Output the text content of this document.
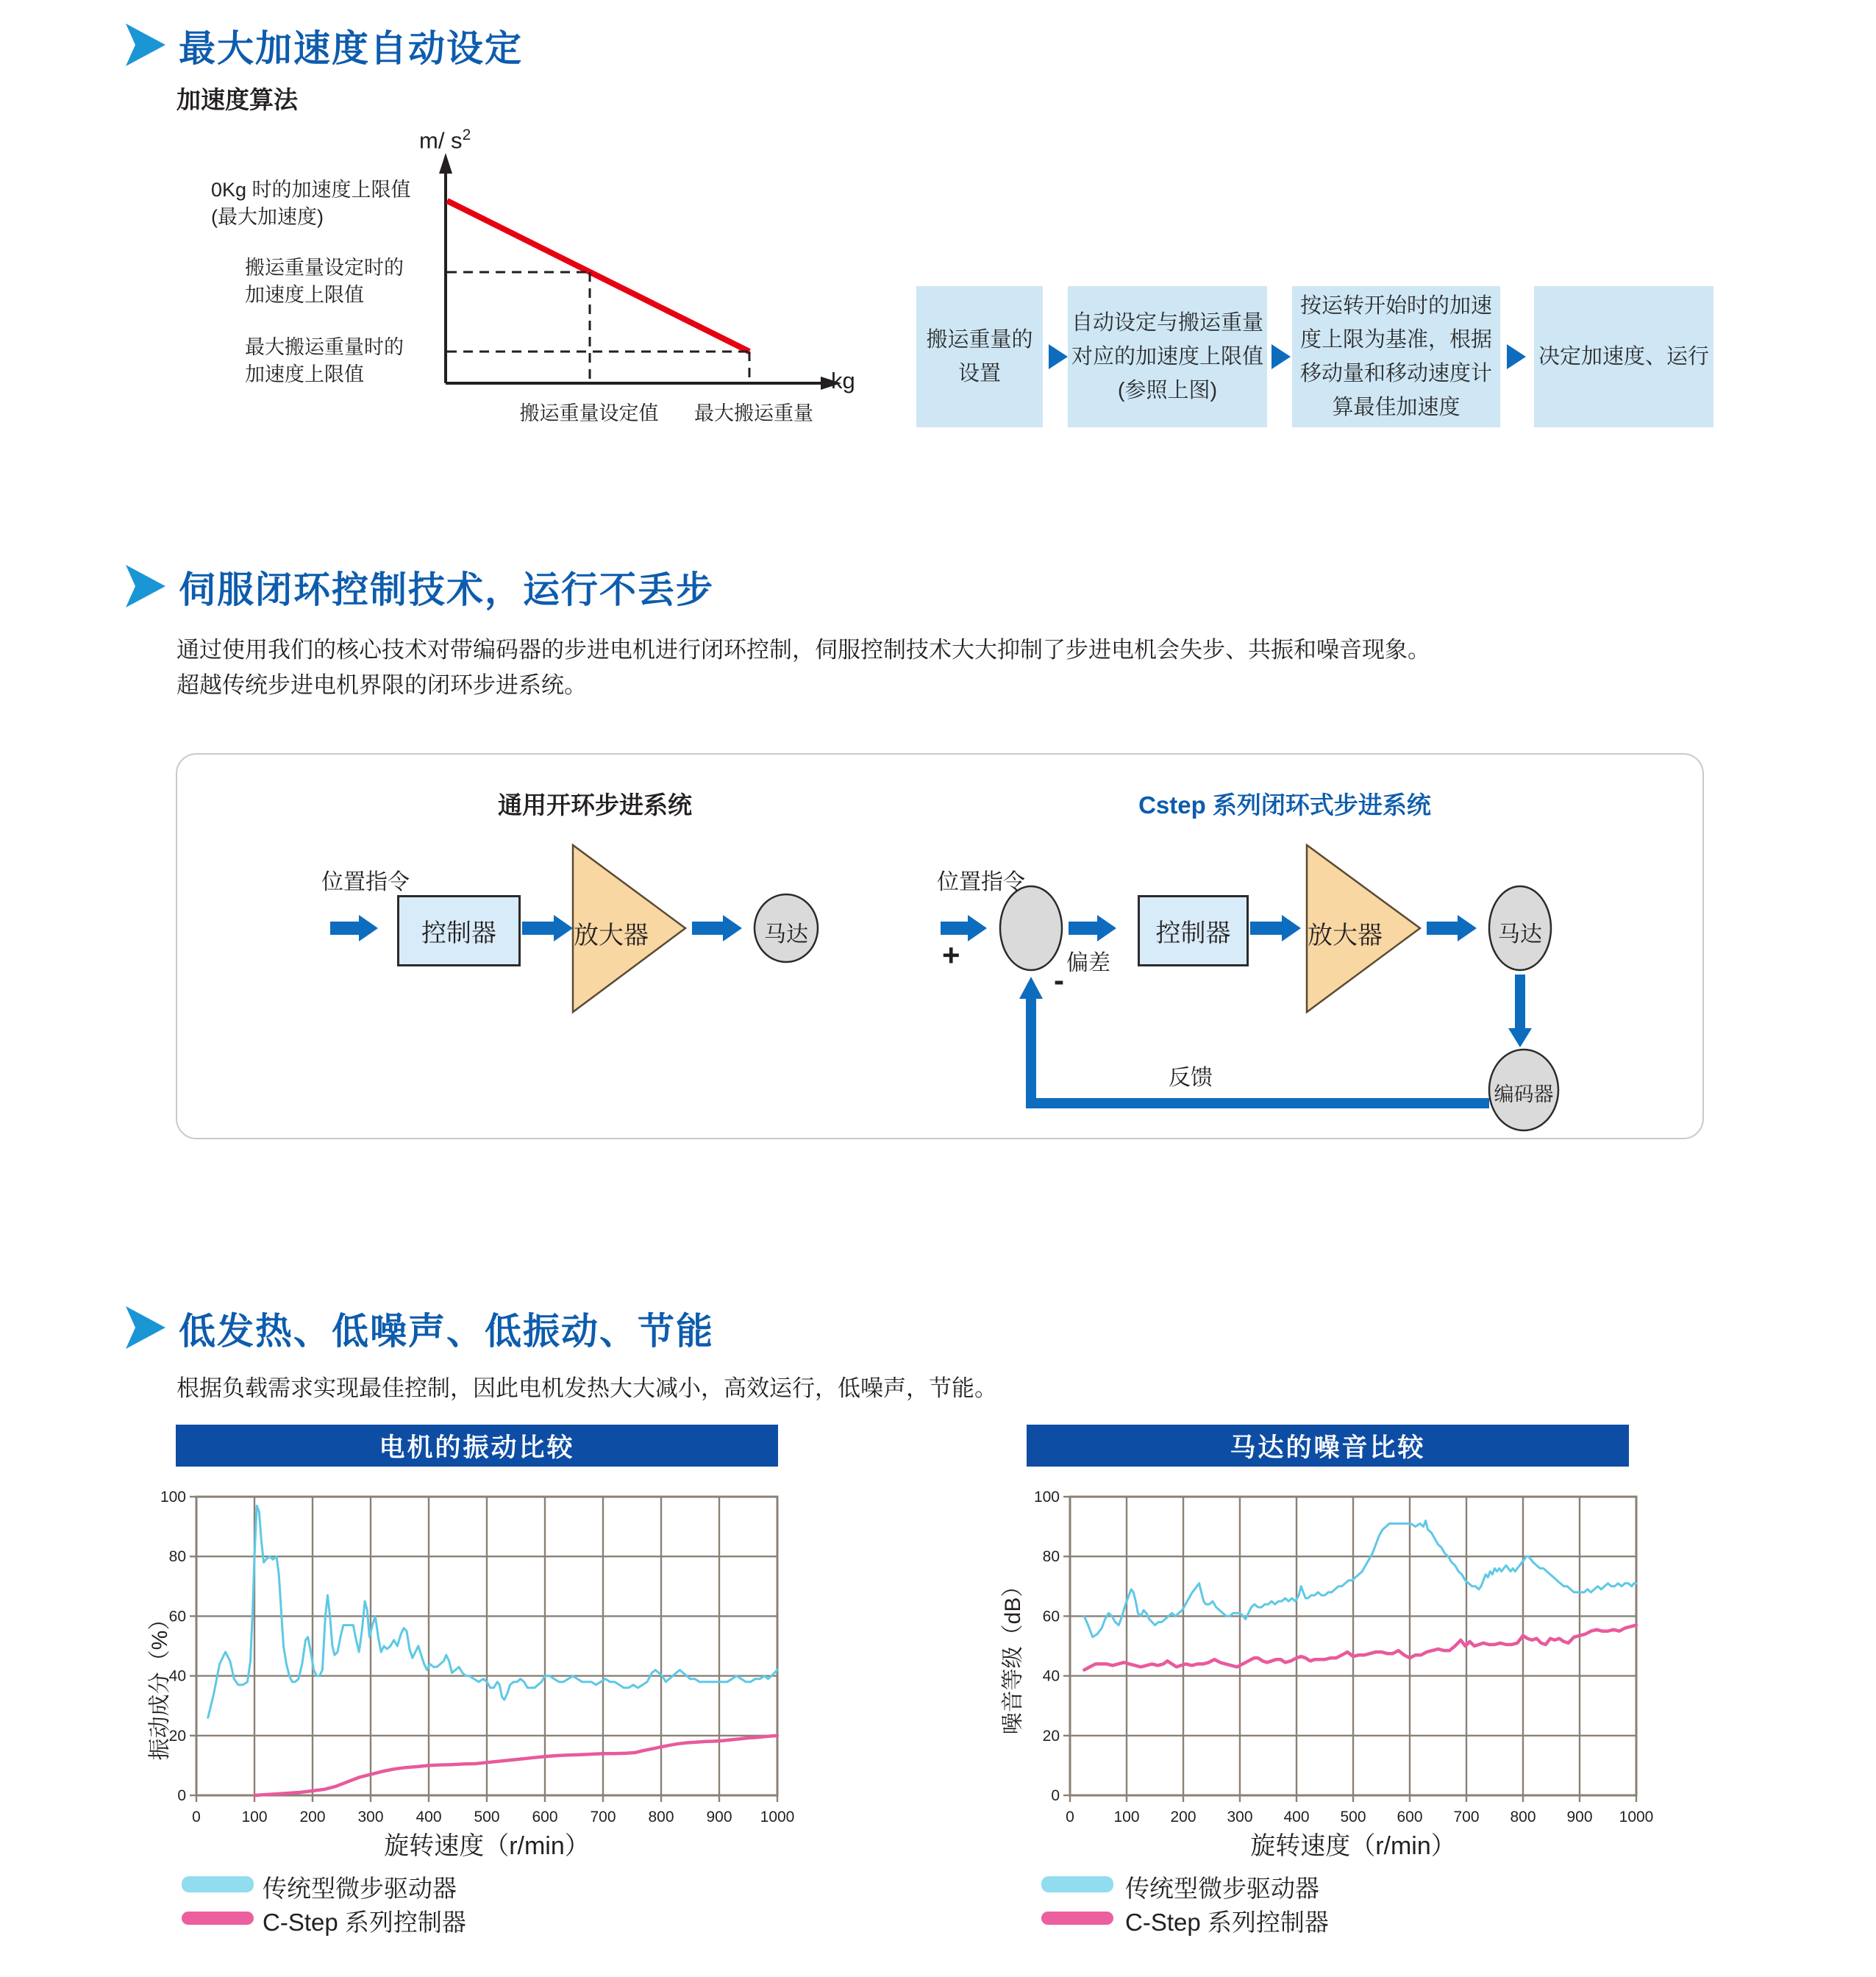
最大加速度自动设定
加速度算法
m/ $s^2$
kg
0Kg 时的加速度上限值
(最大加速度)
搬运重量设定时的
加速度上限值
最大搬运重量时的
加速度上限值
搬运重量设定值	最大搬运重量
搬运重量的设置
自动设定与搬运重量对应的加速度上限值(参照上图)
按运转开始时的加速度上限为基准，根据移动量和移动速度计算最佳加速度
决定加速度、运行
伺服闭环控制技术，运行不丢步
通过使用我们的核心技术对带编码器的步进电机进行闭环控制，伺服控制技术大大抑制了步进电机会失步、共振和噪音现象。
超越传统步进电机界限的闭环步进系统。
通用开环步进系统
位置指令
控制器	放大器	马达
Cstep 系列闭环式步进系统
位置指令
+
- 偏差
控制器	放大器	马达
编码器
反馈
低发热、低噪声、低振动、节能
根据负载需求实现最佳控制，因此电机发热大大减小，高效运行，低噪声，节能。
电机的振动比较
0	100 200 300 400 500 600 700 800 900 1000
0
20
40
60
80
100
振动成分（%）
旋转速度（r/min）
传统型微步驱动器
C-Step 系列控制器
马达的噪音比较
0	100 200 300 400 500 600 700 800 900 1000
0
20
40
60
80
100
噪音等级（dB）
旋转速度（r/min）
传统型微步驱动器
C-Step 系列控制器
